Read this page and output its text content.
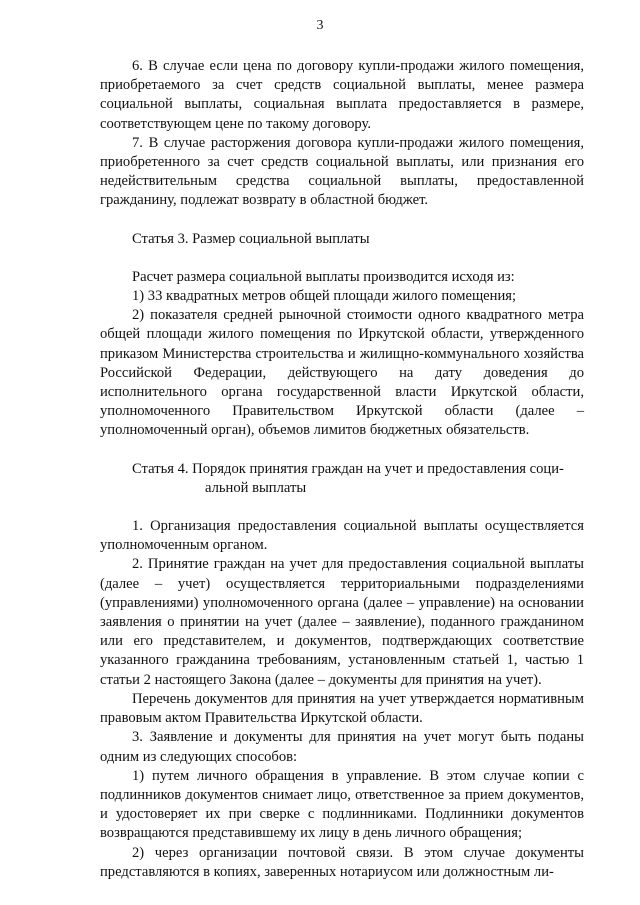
3

6. В случае если цена по договору купли-продажи жилого помещения, приобретаемого за счет средств социальной выплаты, менее размера социальной выплаты, социальная выплата предоставляется в размере, соответствующем цене по такому договору.

7. В случае расторжения договора купли-продажи жилого помещения, приобретенного за счет средств социальной выплаты, или признания его недействительным средства социальной выплаты, предоставленной гражданину, подлежат возврату в областной бюджет.

Статья 3. Размер социальной выплаты

Расчет размера социальной выплаты производится исходя из:

1) 33 квадратных метров общей площади жилого помещения;

2) показателя средней рыночной стоимости одного квадратного метра общей площади жилого помещения по Иркутской области, утвержденного приказом Министерства строительства и жилищно-коммунального хозяйства Российской Федерации, действующего на дату доведения до исполнительного органа государственной власти Иркутской области, уполномоченного Правительством Иркутской области (далее – уполномоченный орган), объемов лимитов бюджетных обязательств.

Статья 4. Порядок принятия граждан на учет и предоставления соци-
альной выплаты

1. Организация предоставления социальной выплаты осуществляется уполномоченным органом.

2. Принятие граждан на учет для предоставления социальной выплаты (далее – учет) осуществляется территориальными подразделениями (управлениями) уполномоченного органа (далее – управление) на основании заявления о принятии на учет (далее – заявление), поданного гражданином или его представителем, и документов, подтверждающих соответствие указанного гражданина требованиям, установленным статьей 1, частью 1 статьи 2 настоящего Закона (далее – документы для принятия на учет).

Перечень документов для принятия на учет утверждается нормативным правовым актом Правительства Иркутской области.

3. Заявление и документы для принятия на учет могут быть поданы одним из следующих способов:

1) путем личного обращения в управление. В этом случае копии с подлинников документов снимает лицо, ответственное за прием документов, и удостоверяет их при сверке с подлинниками. Подлинники документов возвращаются представившему их лицу в день личного обращения;

2) через организации почтовой связи. В этом случае документы представляются в копиях, заверенных нотариусом или должностным ли-
